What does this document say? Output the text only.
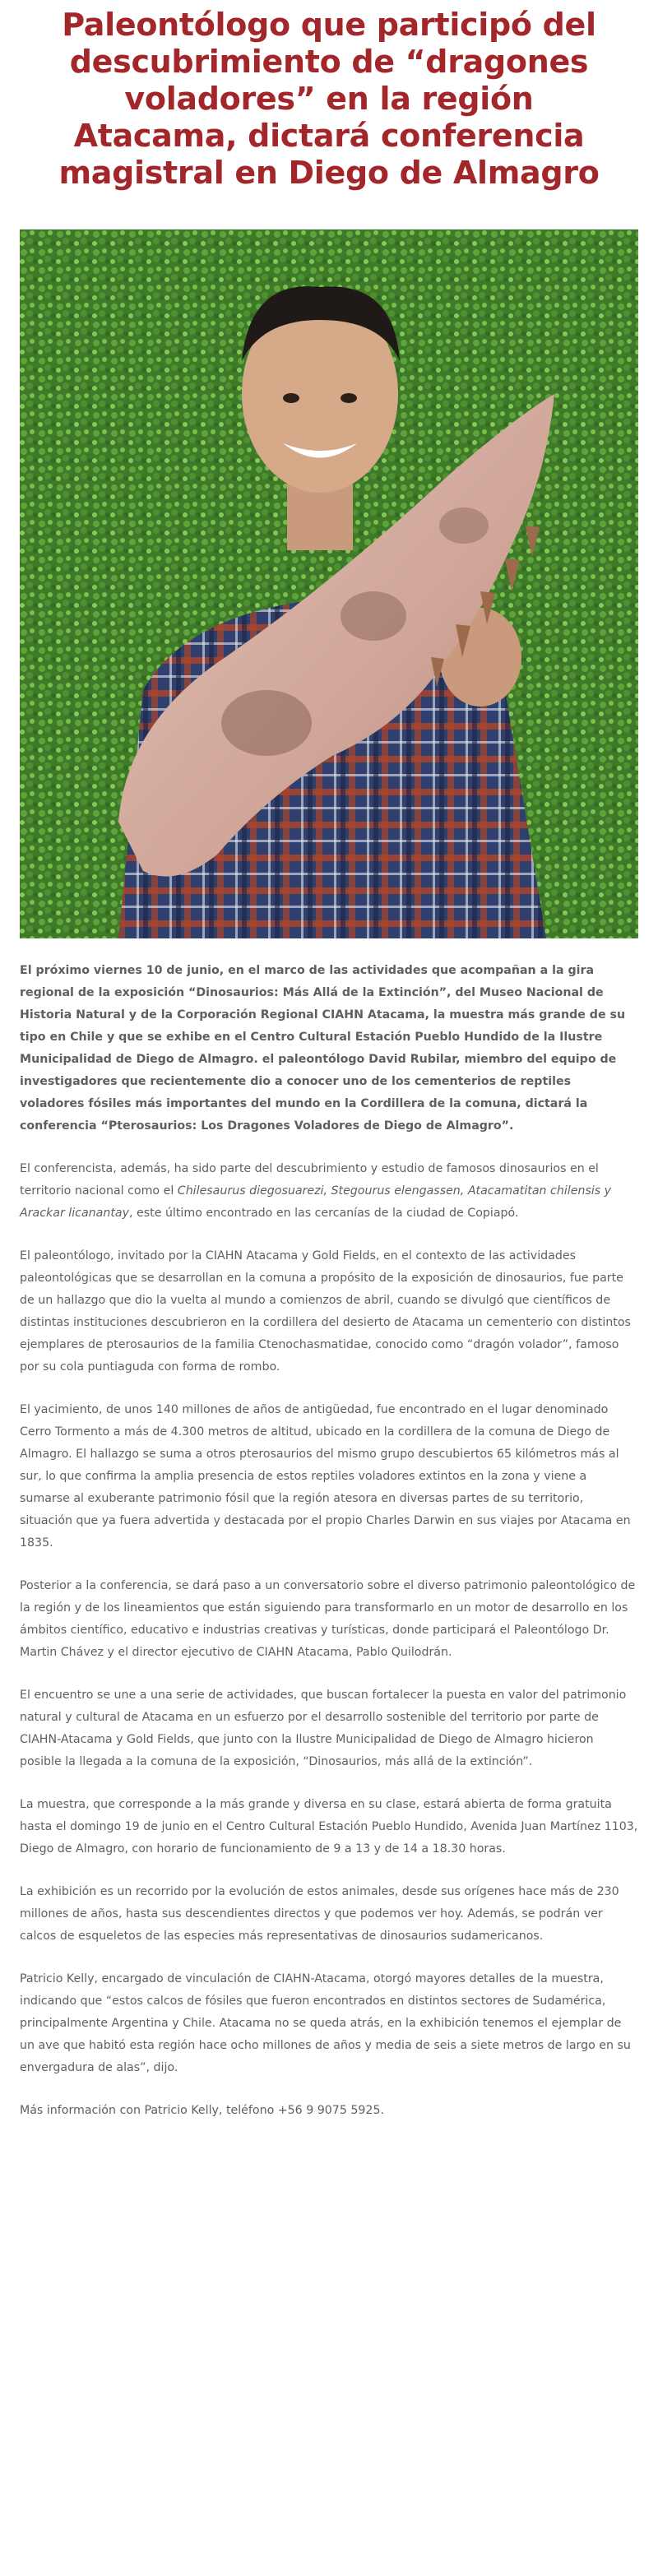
Paleontólogo que participó del descubrimiento de “dragones voladores” en la región Atacama, dictará conferencia magistral en Diego de Almagro
El próximo viernes 10 de junio, en el marco de las actividades que acompañan a la gira regional de la exposición “Dinosaurios: Más Allá de la Extinción”, del Museo Nacional de Historia Natural y de la Corporación Regional CIAHN Atacama, la muestra más grande de su tipo en Chile y que se exhibe en el Centro Cultural Estación Pueblo Hundido de la Ilustre Municipalidad de Diego de Almagro. el paleontólogo David Rubilar, miembro del equipo de investigadores que recientemente dio a conocer uno de los cementerios de reptiles voladores fósiles más importantes del mundo en la Cordillera de la comuna, dictará la conferencia “Pterosaurios: Los Dragones Voladores de Diego de Almagro”.
El conferencista, además, ha sido parte del descubrimiento y estudio de famosos dinosaurios en el territorio nacional como el Chilesaurus diegosuarezi, Stegourus elengassen, Atacamatitan chilensis y Arackar licanantay, este último encontrado en las cercanías de la ciudad de Copiapó.
El paleontólogo, invitado por la CIAHN Atacama y Gold Fields, en el contexto de las actividades paleontológicas que se desarrollan en la comuna a propósito de la exposición de dinosaurios, fue parte de un hallazgo que dio la vuelta al mundo a comienzos de abril, cuando se divulgó que científicos de distintas instituciones descubrieron en la cordillera del desierto de Atacama un cementerio con distintos ejemplares de pterosaurios de la familia Ctenochasmatidae, conocido como “dragón volador”, famoso por su cola puntiaguda con forma de rombo.
El yacimiento, de unos 140 millones de años de antigüedad, fue encontrado en el lugar denominado Cerro Tormento a más de 4.300 metros de altitud, ubicado en la cordillera de la comuna de Diego de Almagro. El hallazgo se suma a otros pterosaurios del mismo grupo descubiertos 65 kilómetros más al sur, lo que confirma la amplia presencia de estos reptiles voladores extintos en la zona y viene a sumarse al exuberante patrimonio fósil que la región atesora en diversas partes de su territorio, situación que ya fuera advertida y destacada por el propio Charles Darwin en sus viajes por Atacama en 1835.
Posterior a la conferencia, se dará paso a un conversatorio sobre el diverso patrimonio paleontológico de la región y de los lineamientos que están siguiendo para transformarlo en un motor de desarrollo en los ámbitos científico, educativo e industrias creativas y turísticas, donde participará el Paleontólogo Dr. Martin Chávez y el director ejecutivo de CIAHN Atacama, Pablo Quilodrán.
El encuentro se une a una serie de actividades, que buscan fortalecer la puesta en valor del patrimonio natural y cultural de Atacama en un esfuerzo por el desarrollo sostenible del territorio por parte de CIAHN-Atacama y Gold Fields, que junto con la Ilustre Municipalidad de Diego de Almagro hicieron posible la llegada a la comuna de la exposición, “Dinosaurios, más allá de la extinción”.
La muestra, que corresponde a la más grande y diversa en su clase, estará abierta de forma gratuita hasta el domingo 19 de junio en el Centro Cultural Estación Pueblo Hundido, Avenida Juan Martínez 1103, Diego de Almagro, con horario de funcionamiento de 9 a 13 y de 14 a 18.30 horas.
La exhibición es un recorrido por la evolución de estos animales, desde sus orígenes hace más de 230 millones de años, hasta sus descendientes directos y que podemos ver hoy. Además, se podrán ver calcos de esqueletos de las especies más representativas de dinosaurios sudamericanos.
Patricio Kelly, encargado de vinculación de CIAHN-Atacama, otorgó mayores detalles de la muestra, indicando que “estos calcos de fósiles que fueron encontrados en distintos sectores de Sudamérica, principalmente Argentina y Chile. Atacama no se queda atrás, en la exhibición tenemos el ejemplar de un ave que habitó esta región hace ocho millones de años y media de seis a siete metros de largo en su envergadura de alas”, dijo.
Más información con Patricio Kelly, teléfono +56 9 9075 5925.
